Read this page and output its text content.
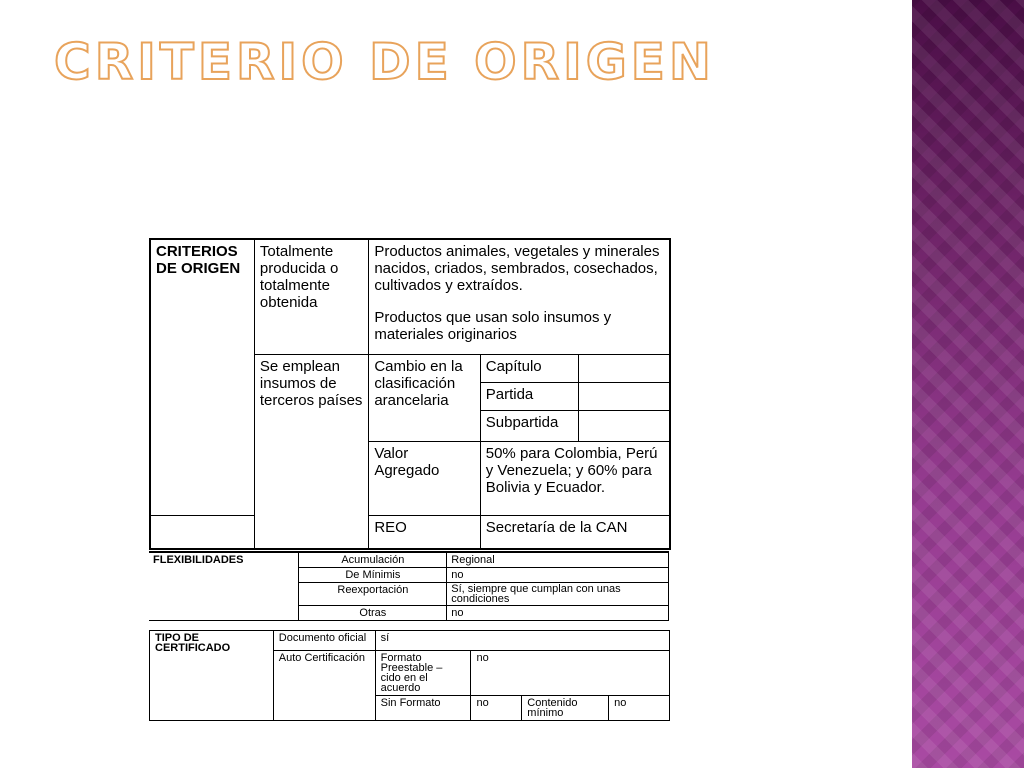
CRITERIO DE ORIGEN
CRITERIOS DE ORIGEN	Totalmente producida o totalmente obtenida	Productos animales, vegetales y minerales nacidos, criados, sembrados, cosechados, cultivados y extraídos.

Productos que usan solo insumos y materiales originarios		

	Se emplean insumos de terceros países	Cambio en la clasificación arancelaria	Capítulo	
			Partida	
			Subpartida	
		Valor Agregado	50% para Colombia, Perú y Venezuela; y 60% para Bolivia y Ecuador.	
		REO	Secretaría de la CAN	
FLEXIBILIDADES	Acumulación	Regional
	De Mínimis	no
	Reexportación	Sí, siempre que cumplan con unas condiciones
	Otras	no
TIPO DE CERTIFICADO	Documento oficial	sí			
	Auto Certificación	Formato Preestable – cido en el acuerdo	no		
		Sin Formato	no	Contenido mínimo	no
